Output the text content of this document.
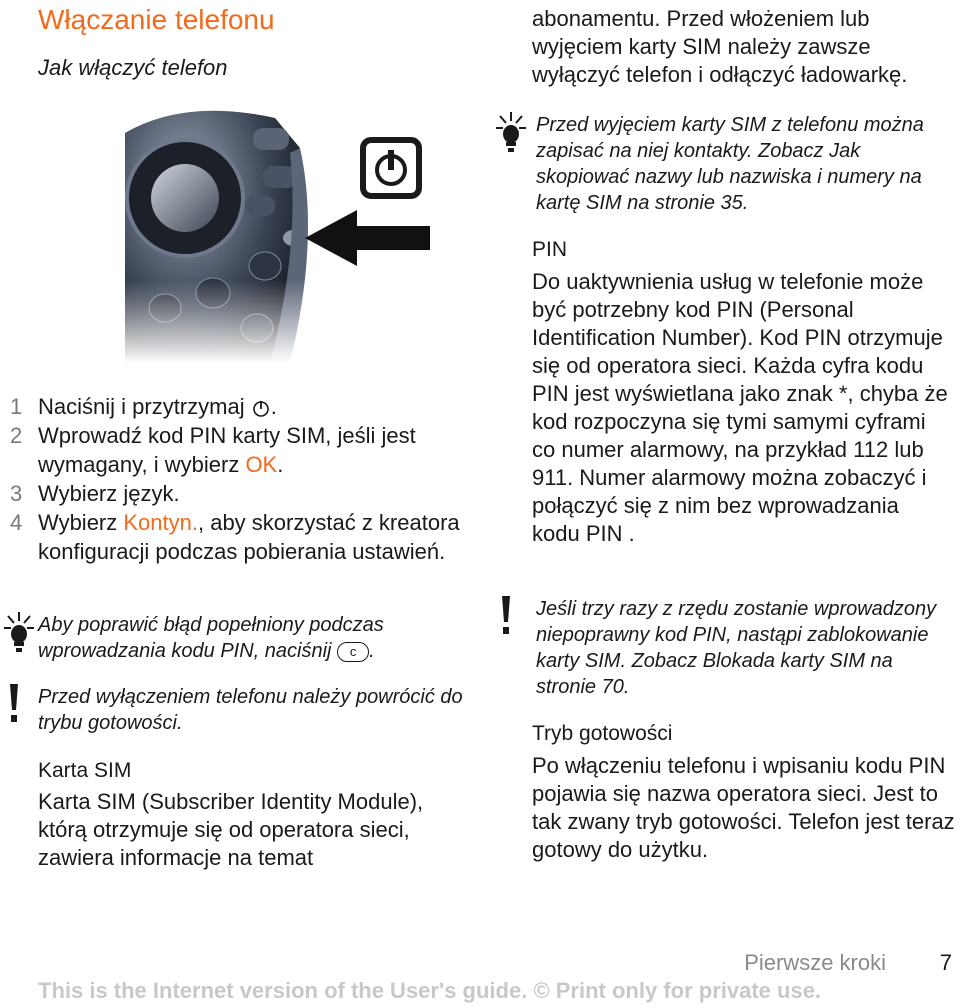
Włączanie telefonu
Jak włączyć telefon
1 Naciśnij i przytrzymaj .
2 Wprowadź kod PIN karty SIM, jeśli jest wymagany, i wybierz OK.
3 Wybierz język.
4 Wybierz Kontyn., aby skorzystać z kreatora konfiguracji podczas pobierania ustawień.
Aby poprawić błąd popełniony podczas wprowadzania kodu PIN, naciśnij c .
Przed wyłączeniem telefonu należy powrócić do trybu gotowości.
Karta SIM
Karta SIM (Subscriber Identity Module), którą otrzymuje się od operatora sieci, zawiera informacje na temat
abonamentu. Przed włożeniem lub wyjęciem karty SIM należy zawsze wyłączyć telefon i odłączyć ładowarkę.
Przed wyjęciem karty SIM z telefonu można zapisać na niej kontakty. Zobacz Jak skopiować nazwy lub nazwiska i numery na kartę SIM na stronie 35.
PIN
Do uaktywnienia usług w telefonie może być potrzebny kod PIN (Personal Identification Number). Kod PIN otrzymuje się od operatora sieci. Każda cyfra kodu PIN jest wyświetlana jako znak *, chyba że kod rozpoczyna się tymi samymi cyframi co numer alarmowy, na przykład 112 lub 911. Numer alarmowy można zobaczyć i połączyć się z nim bez wprowadzania kodu PIN .
Jeśli trzy razy z rzędu zostanie wprowadzony niepoprawny kod PIN, nastąpi zablokowanie karty SIM. Zobacz Blokada karty SIM na stronie 70.
Tryb gotowości
Po włączeniu telefonu i wpisaniu kodu PIN pojawia się nazwa operatora sieci. Jest to tak zwany tryb gotowości. Telefon jest teraz gotowy do użytku.
Pierwsze kroki 7
This is the Internet version of the User's guide. © Print only for private use.
